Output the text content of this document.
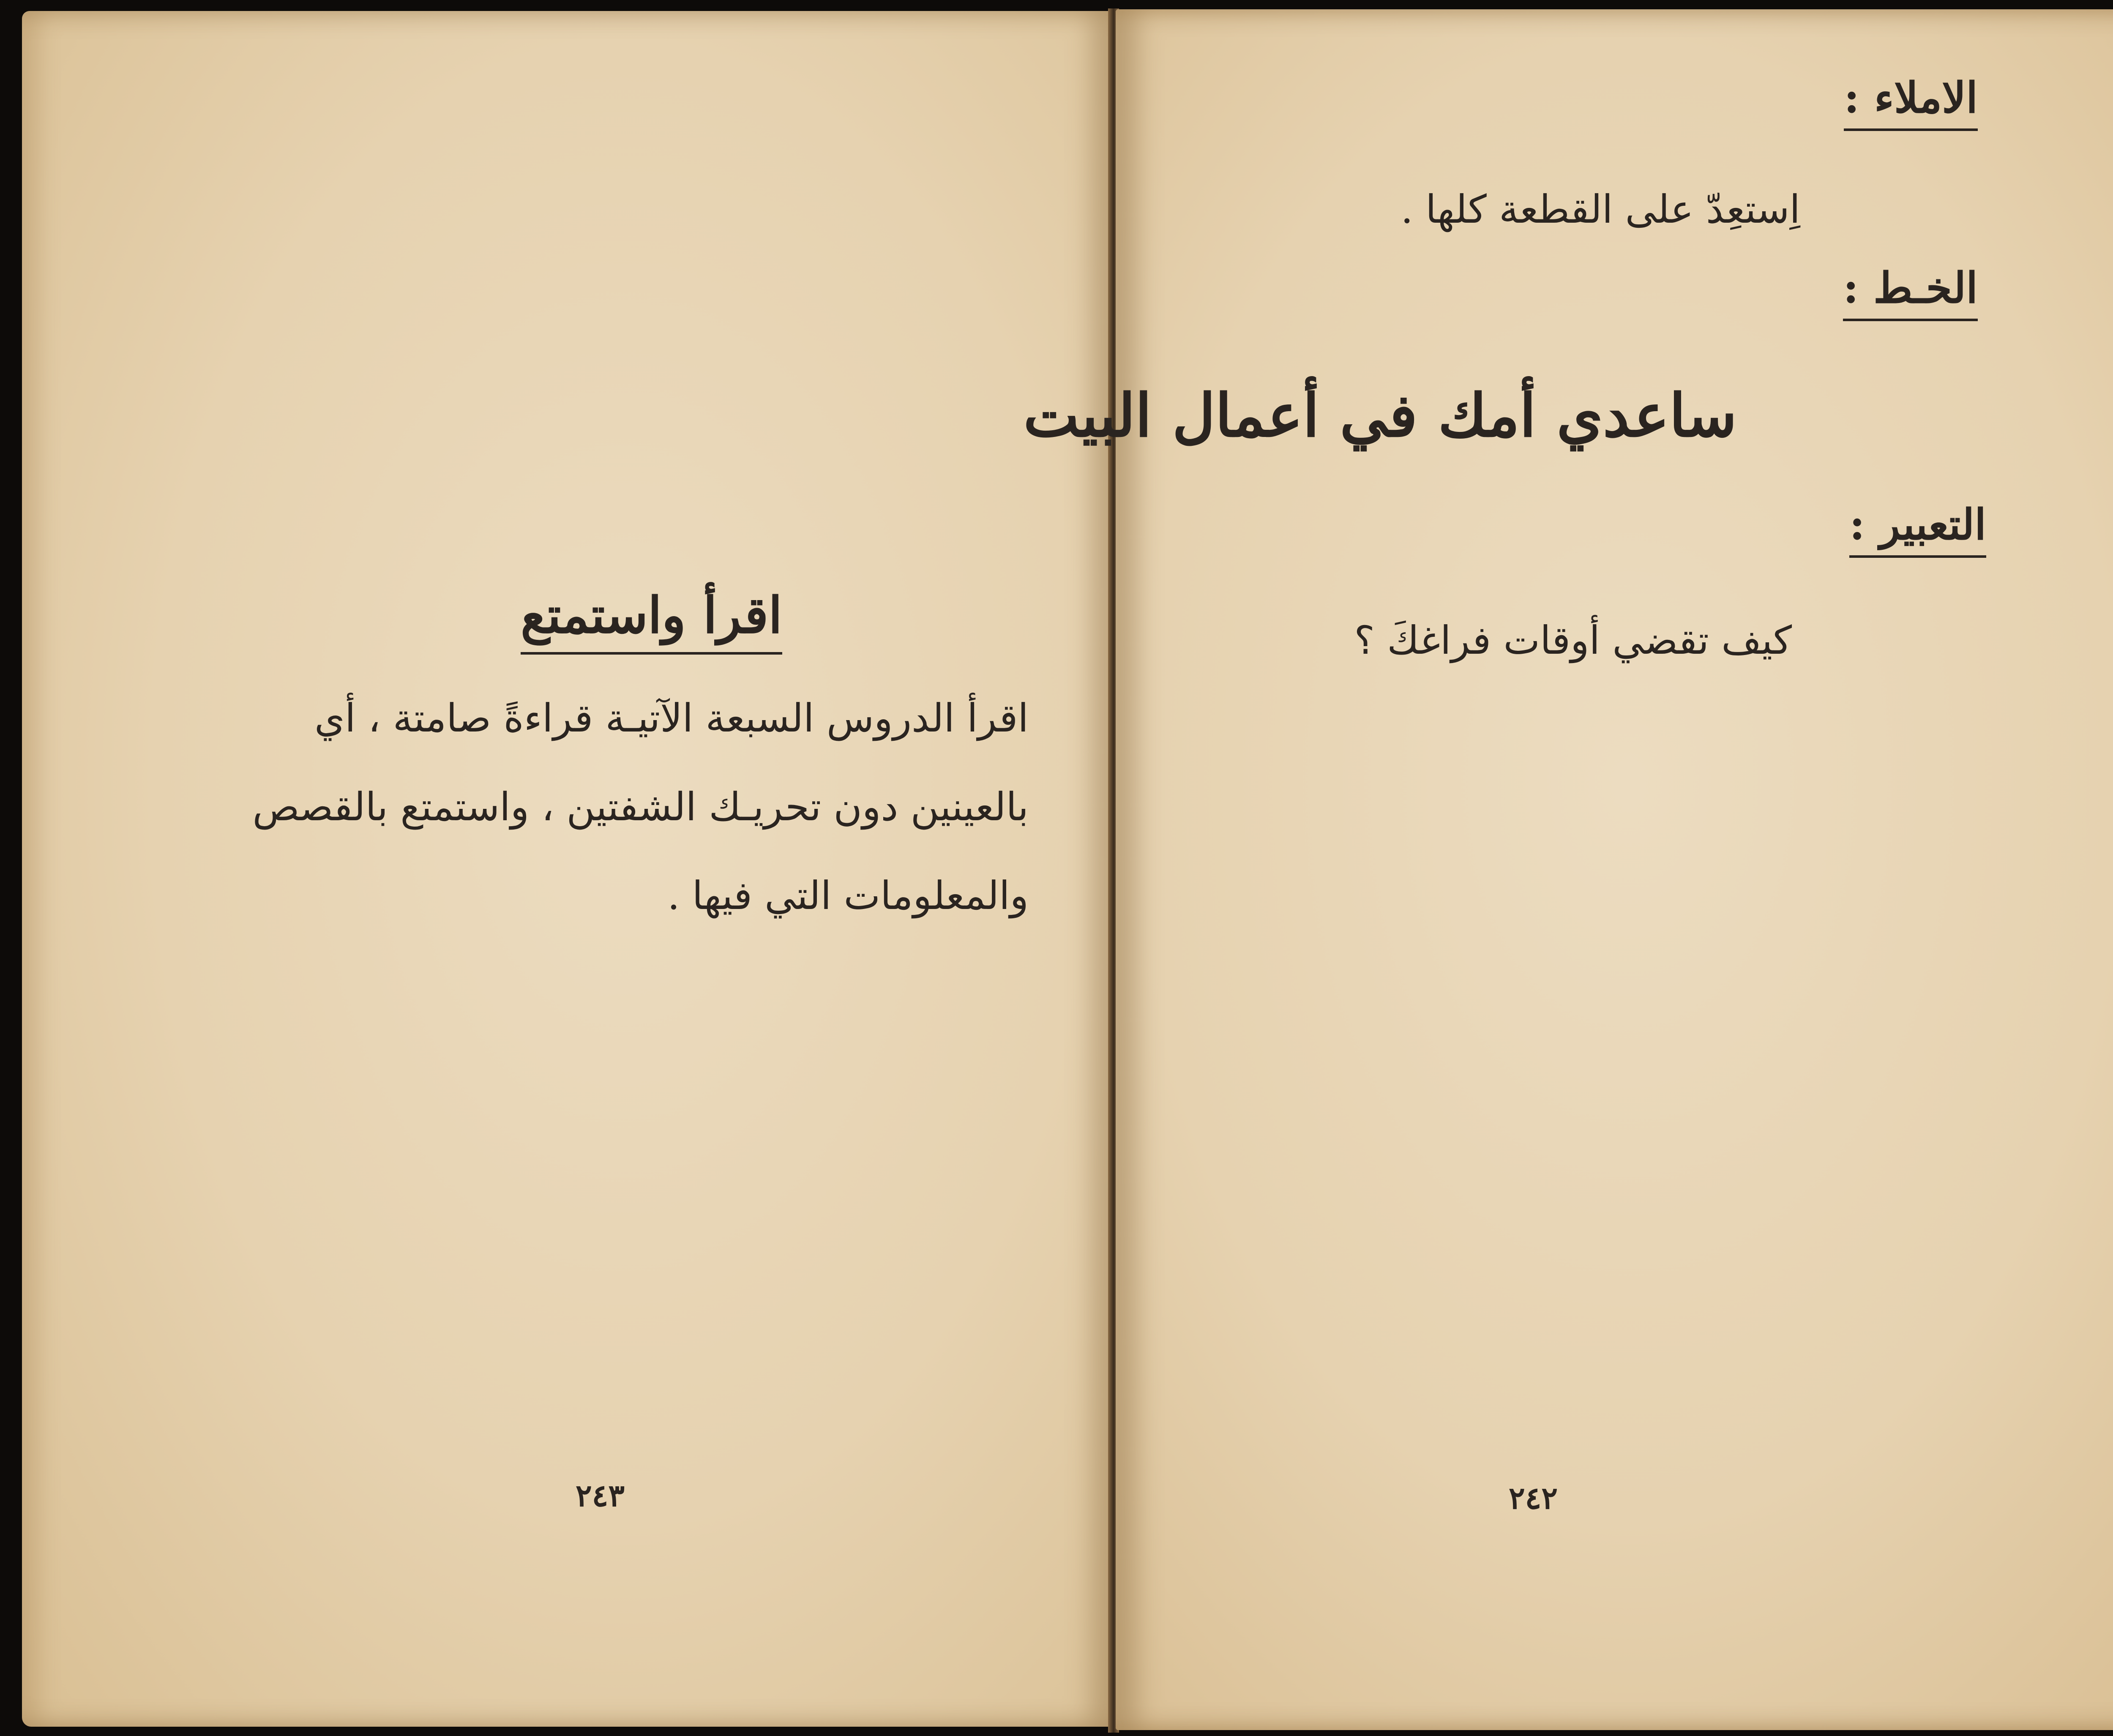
اقرأ واستمتع
اقرأ الدروس السبعة الآتيـة قراءةً صامتة ، أي
بالعينين دون تحريـك الشفتين ، واستمتع بالقصص
والمعلومات التي فيها .
٢٤٣
الاملاء :
اِستعِدّ على القطعة كلها .
الخـط :
ساعدي أمك في أعمال البيت
التعبير :
كيف تقضي أوقات فراغكَ ؟
٢٤٢
